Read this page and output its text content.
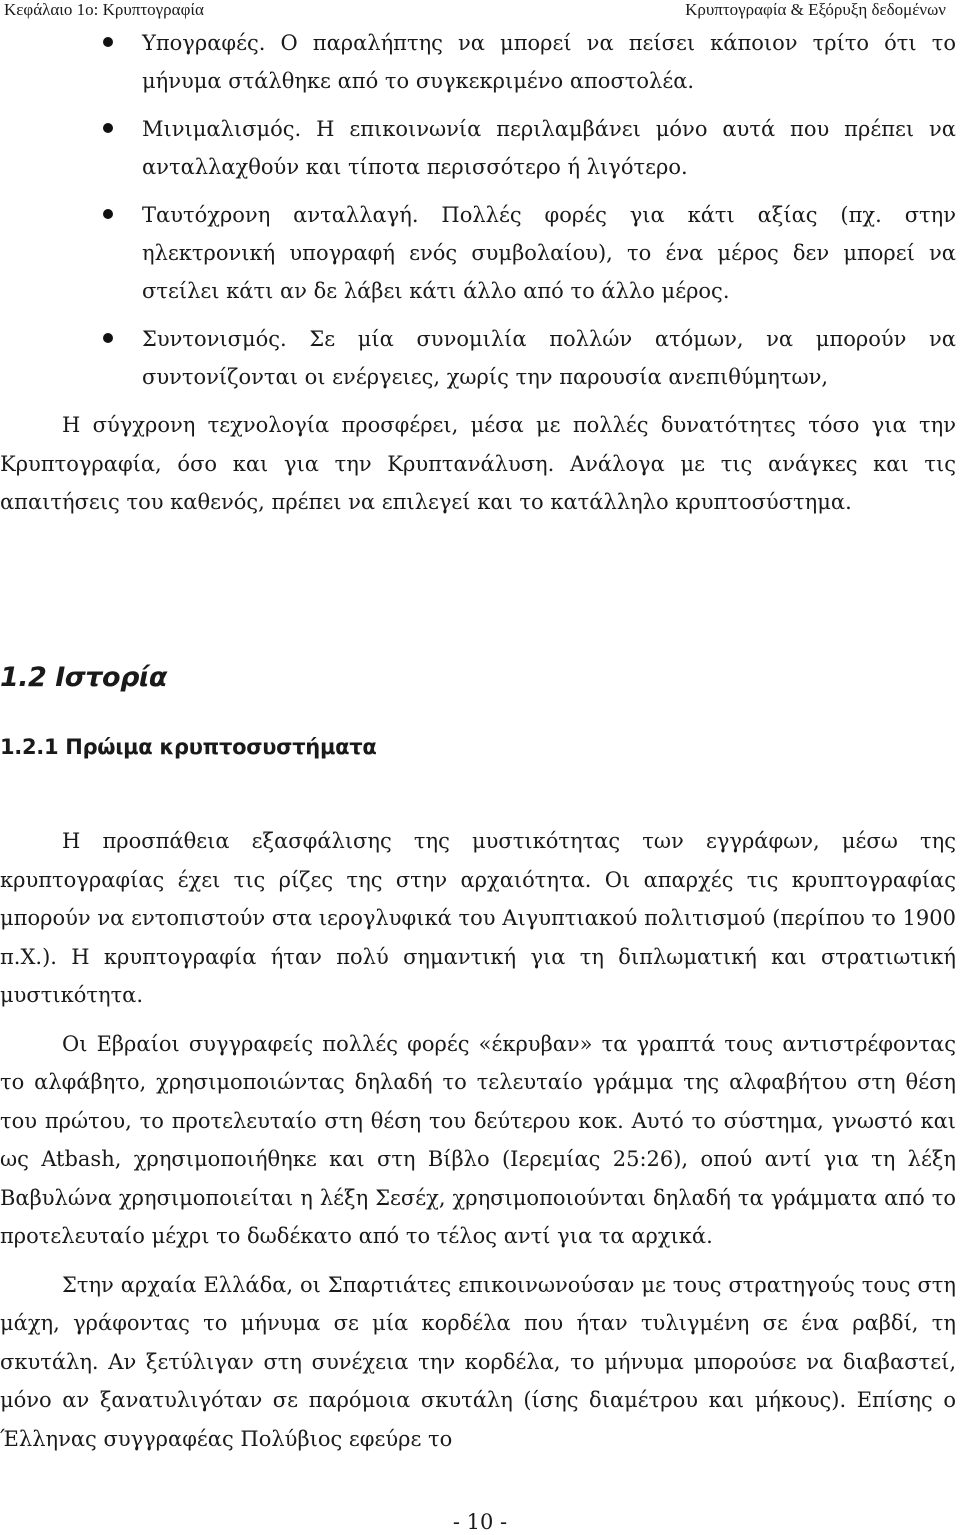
Κεφάλαιο 1ο: Κρυπτογραφία	Κρυπτογραφία & Εξόρυξη δεδομένων
Υπογραφές. Ο παραλήπτης να μπορεί να πείσει κάποιον τρίτο ότι το μήνυμα στάλθηκε από το συγκεκριμένο αποστολέα.
Μινιμαλισμός. Η επικοινωνία περιλαμβάνει μόνο αυτά που πρέπει να ανταλλαχθούν και τίποτα περισσότερο ή λιγότερο.
Ταυτόχρονη ανταλλαγή. Πολλές φορές για κάτι αξίας (πχ. στην ηλεκτρονική υπογραφή ενός συμβολαίου), το ένα μέρος δεν μπορεί να στείλει κάτι αν δε λάβει κάτι άλλο από το άλλο μέρος.
Συντονισμός. Σε μία συνομιλία πολλών ατόμων, να μπορούν να συντονίζονται οι ενέργειες, χωρίς την παρουσία ανεπιθύμητων,

Η σύγχρονη τεχνολογία προσφέρει, μέσα με πολλές δυνατότητες τόσο για την Κρυπτογραφία, όσο και για την Κρυπτανάλυση. Ανάλογα με τις ανάγκες και τις απαιτήσεις του καθενός, πρέπει να επιλεγεί και το κατάλληλο κρυπτοσύστημα.

1.2 Ιστορία
1.2.1 Πρώιμα κρυπτοσυστήματα

Η προσπάθεια εξασφάλισης της μυστικότητας των εγγράφων, μέσω της κρυπτογραφίας έχει τις ρίζες της στην αρχαιότητα. Οι απαρχές τις κρυπτογραφίας μπορούν να εντοπιστούν στα ιερογλυφικά του Αιγυπτιακού πολιτισμού (περίπου το 1900 π.Χ.). Η κρυπτογραφία ήταν πολύ σημαντική για τη διπλωματική και στρατιωτική μυστικότητα.

Οι Εβραίοι συγγραφείς πολλές φορές «έκρυβαν» τα γραπτά τους αντιστρέφοντας το αλφάβητο, χρησιμοποιώντας δηλαδή το τελευταίο γράμμα της αλφαβήτου στη θέση του πρώτου, το προτελευταίο στη θέση του δεύτερου κοκ. Αυτό το σύστημα, γνωστό και ως Atbash, χρησιμοποιήθηκε και στη Βίβλο (Ιερεμίας 25:26), οπού αντί για τη λέξη Βαβυλώνα χρησιμοποιείται η λέξη Σεσέχ, χρησιμοποιούνται δηλαδή τα γράμματα από το προτελευταίο μέχρι το δωδέκατο από το τέλος αντί για τα αρχικά.

Στην αρχαία Ελλάδα, οι Σπαρτιάτες επικοινωνούσαν με τους στρατηγούς τους στη μάχη, γράφοντας το μήνυμα σε μία κορδέλα που ήταν τυλιγμένη σε ένα ραβδί, τη σκυτάλη. Αν ξετύλιγαν στη συνέχεια την κορδέλα, το μήνυμα μπορούσε να διαβαστεί, μόνο αν ξανατυλιγόταν σε παρόμοια σκυτάλη (ίσης διαμέτρου και μήκους). Επίσης ο Έλληνας συγγραφέας Πολύβιος εφεύρε το

- 10 -
